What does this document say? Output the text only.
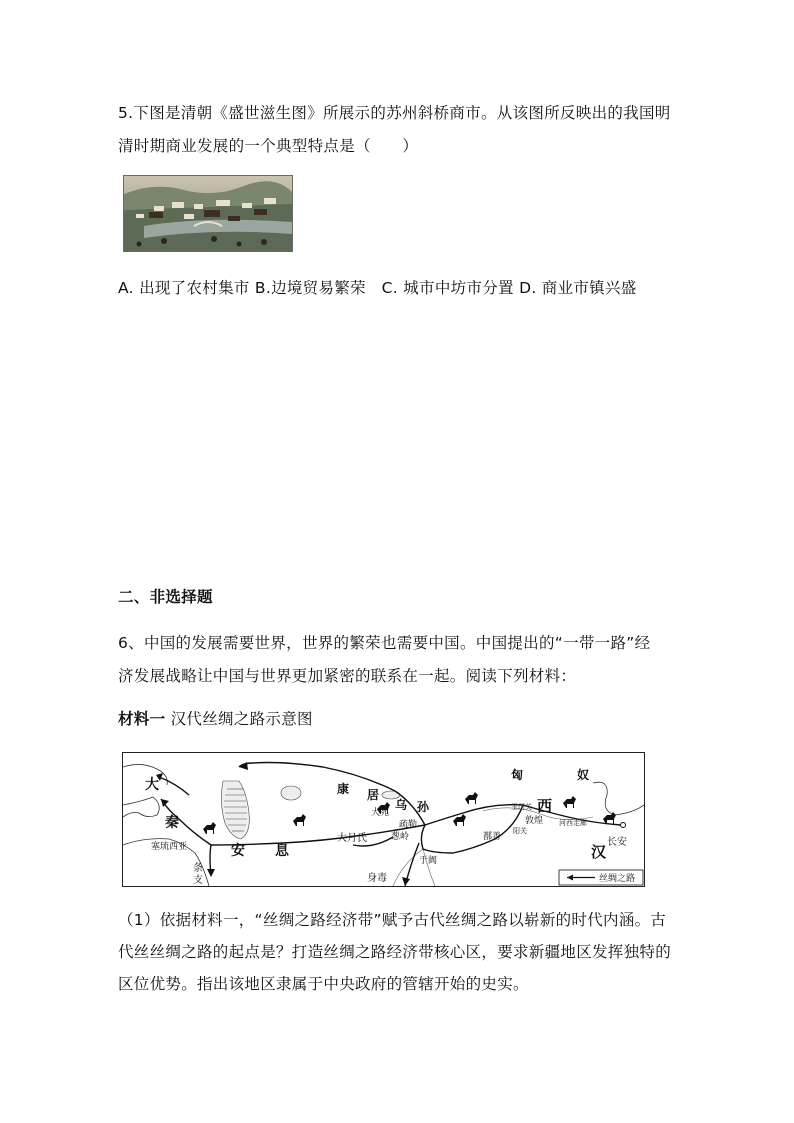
5.下图是清朝《盛世滋生图》所展示的苏州斜桥商市。从该图所反映出的我国明
清时期商业发展的一个典型特点是（　　）
A. 出现了农村集市 B.边境贸易繁荣　C. 城市中坊市分置 D. 商业市镇兴盛
二、非选择题
6、中国的发展需要世界，世界的繁荣也需要中国。中国提出的“一带一路”经
济发展战略让中国与世界更加紧密的联系在一起。阅读下列材料：
材料一 汉代丝绸之路示意图
大
秦
塞琉西亚
条
支
安 息
康 居
乌 孙
大宛
疏勒
大月氏	葱岭
于阗
鄯善
玉门关
敦煌
阳关
河西走廊
匈	奴
西
汉
长安
身毒	丝绸之路
（1）依据材料一，“丝绸之路经济带”赋予古代丝绸之路以崭新的时代内涵。古
代丝丝绸之路的起点是？打造丝绸之路经济带核心区，要求新疆地区发挥独特的
区位优势。指出该地区隶属于中央政府的管辖开始的史实。
